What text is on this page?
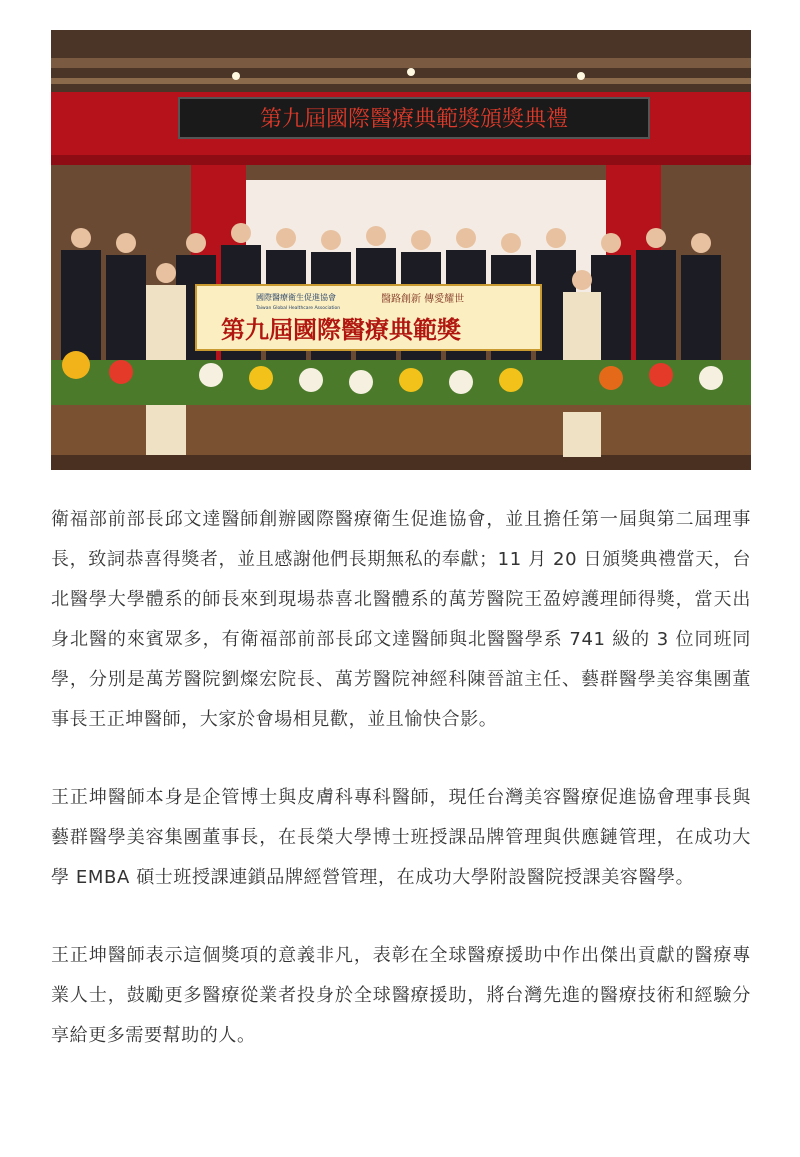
第九屆國際醫療典範獎頒獎典禮
國際醫療衛生促進協會
Taiwan Global Healthcare Association
醫路創新 傳愛耀世
第九屆國際醫療典範獎

衛福部前部長邱文達醫師創辦國際醫療衛生促進協會，並且擔任第一屆與第二屆理事長，致詞恭喜得獎者，並且感謝他們長期無私的奉獻；11 月 20 日頒獎典禮當天，台北醫學大學體系的師長來到現場恭喜北醫體系的萬芳醫院王盈婷護理師得獎，當天出身北醫的來賓眾多，有衛福部前部長邱文達醫師與北醫醫學系 741 級的 3 位同班同學，分別是萬芳醫院劉燦宏院長、萬芳醫院神經科陳晉誼主任、藝群醫學美容集團董事長王正坤醫師，大家於會場相見歡，並且愉快合影。

王正坤醫師本身是企管博士與皮膚科專科醫師，現任台灣美容醫療促進協會理事長與藝群醫學美容集團董事長，在長榮大學博士班授課品牌管理與供應鏈管理，在成功大學 EMBA 碩士班授課連鎖品牌經營管理，在成功大學附設醫院授課美容醫學。

王正坤醫師表示這個獎項的意義非凡，表彰在全球醫療援助中作出傑出貢獻的醫療專業人士，鼓勵更多醫療從業者投身於全球醫療援助，將台灣先進的醫療技術和經驗分享給更多需要幫助的人。
